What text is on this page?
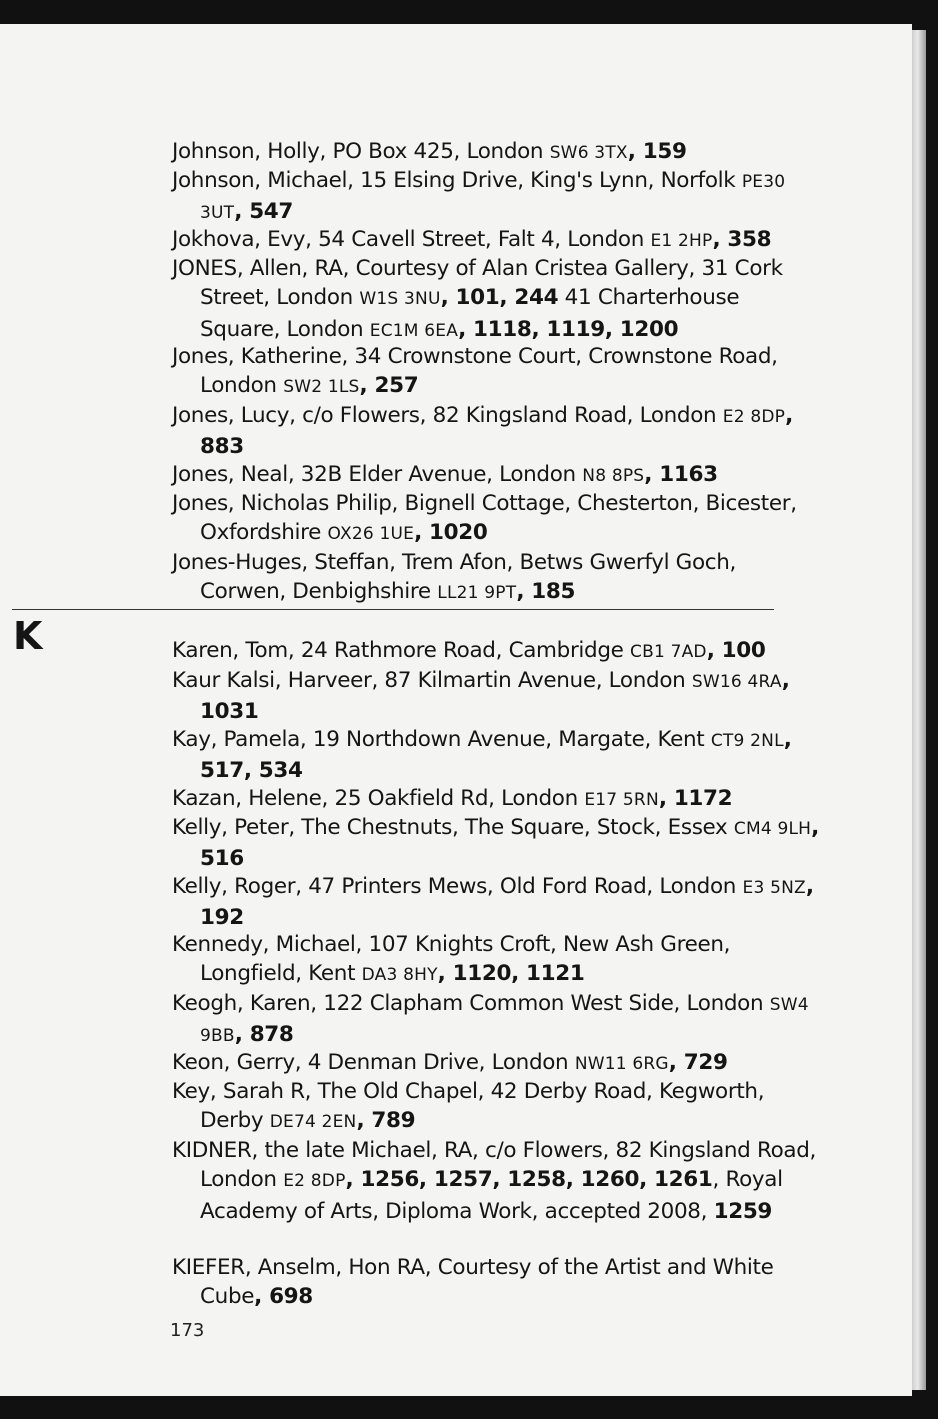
Johnson, Holly, PO Box 425, London SW6 3TX, 159
Johnson, Michael, 15 Elsing Drive, King's Lynn, Norfolk PE30 3UT, 547
Jokhova, Evy, 54 Cavell Street, Falt 4, London E1 2HP, 358
JONES, Allen, RA, Courtesy of Alan Cristea Gallery, 31 Cork Street, London W1S 3NU, 101, 244 41 Charterhouse Square, London EC1M 6EA, 1118, 1119, 1200
Jones, Katherine, 34 Crownstone Court, Crownstone Road, London SW2 1LS, 257
Jones, Lucy, c/o Flowers, 82 Kingsland Road, London E2 8DP, 883
Jones, Neal, 32B Elder Avenue, London N8 8PS, 1163
Jones, Nicholas Philip, Bignell Cottage, Chesterton, Bicester, Oxfordshire OX26 1UE, 1020
Jones-Huges, Steffan, Trem Afon, Betws Gwerfyl Goch, Corwen, Denbighshire LL21 9PT, 185
Karen, Tom, 24 Rathmore Road, Cambridge CB1 7AD, 100
Kaur Kalsi, Harveer, 87 Kilmartin Avenue, London SW16 4RA, 1031
Kay, Pamela, 19 Northdown Avenue, Margate, Kent CT9 2NL, 517, 534
Kazan, Helene, 25 Oakfield Rd, London E17 5RN, 1172
Kelly, Peter, The Chestnuts, The Square, Stock, Essex CM4 9LH, 516
Kelly, Roger, 47 Printers Mews, Old Ford Road, London E3 5NZ, 192
Kennedy, Michael, 107 Knights Croft, New Ash Green, Longfield, Kent DA3 8HY, 1120, 1121
Keogh, Karen, 122 Clapham Common West Side, London SW4 9BB, 878
Keon, Gerry, 4 Denman Drive, London NW11 6RG, 729
Key, Sarah R, The Old Chapel, 42 Derby Road, Kegworth, Derby DE74 2EN, 789
KIDNER, the late Michael, RA, c/o Flowers, 82 Kingsland Road, London E2 8DP, 1256, 1257, 1258, 1260, 1261, Royal Academy of Arts, Diploma Work, accepted 2008, 1259
KIEFER, Anselm, Hon RA, Courtesy of the Artist and White Cube, 698
K
173
